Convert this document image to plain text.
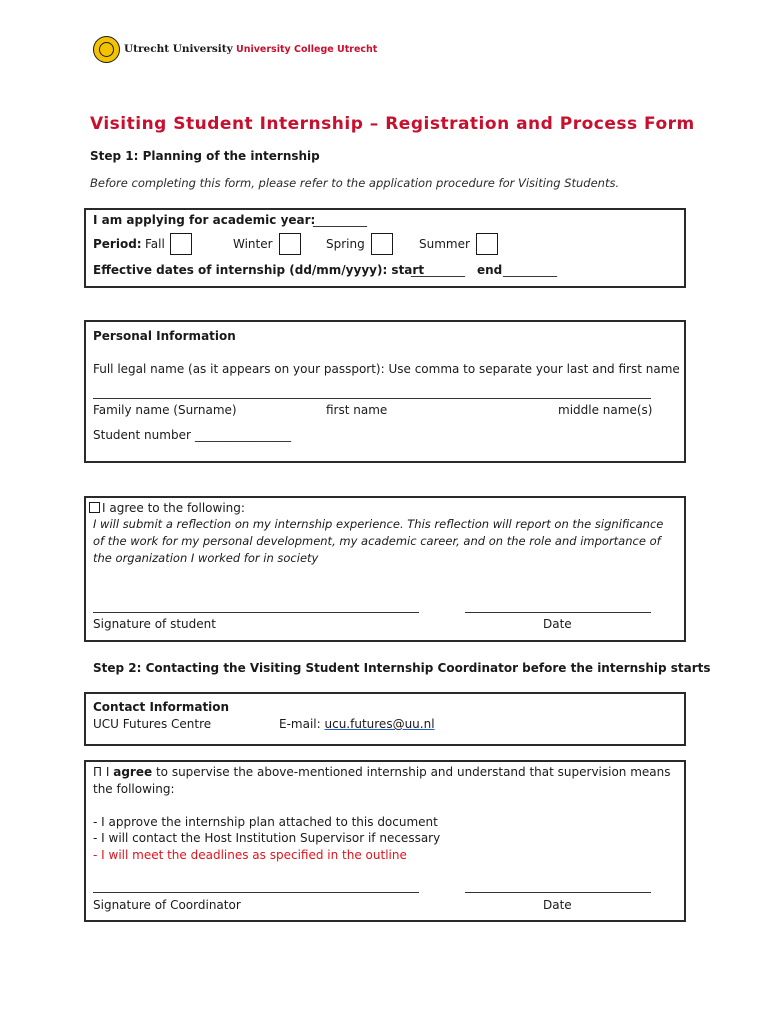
Utrecht University University College Utrecht
Visiting Student Internship – Registration and Process Form
Step 1: Planning of the internship
Before completing this form, please refer to the application procedure for Visiting Students.
I am applying for academic year:
_________
Period: Fall	Winter	Spring	Summer
Effective dates of internship (dd/mm/yyyy): start
_________ end _________
Personal Information
Full legal name (as it appears on your passport): Use comma to separate your last and first name
Family name (Surname)	first name	middle name(s)
Student number ________________
I agree to the following:
I will submit a reflection on my internship experience. This reflection will report on the significance of the work for my personal development, my academic career, and on the role and importance of the organization I worked for in society
Signature of student	Date
Step 2: Contacting the Visiting Student Internship Coordinator before the internship starts
Contact Information
UCU Futures Centre	E-mail: ucu.futures@uu.nl
Π I agree to supervise the above-mentioned internship and understand that supervision means
the following:
- I approve the internship plan attached to this document
- I will contact the Host Institution Supervisor if necessary
- I will meet the deadlines as specified in the outline
Signature of Coordinator	Date
